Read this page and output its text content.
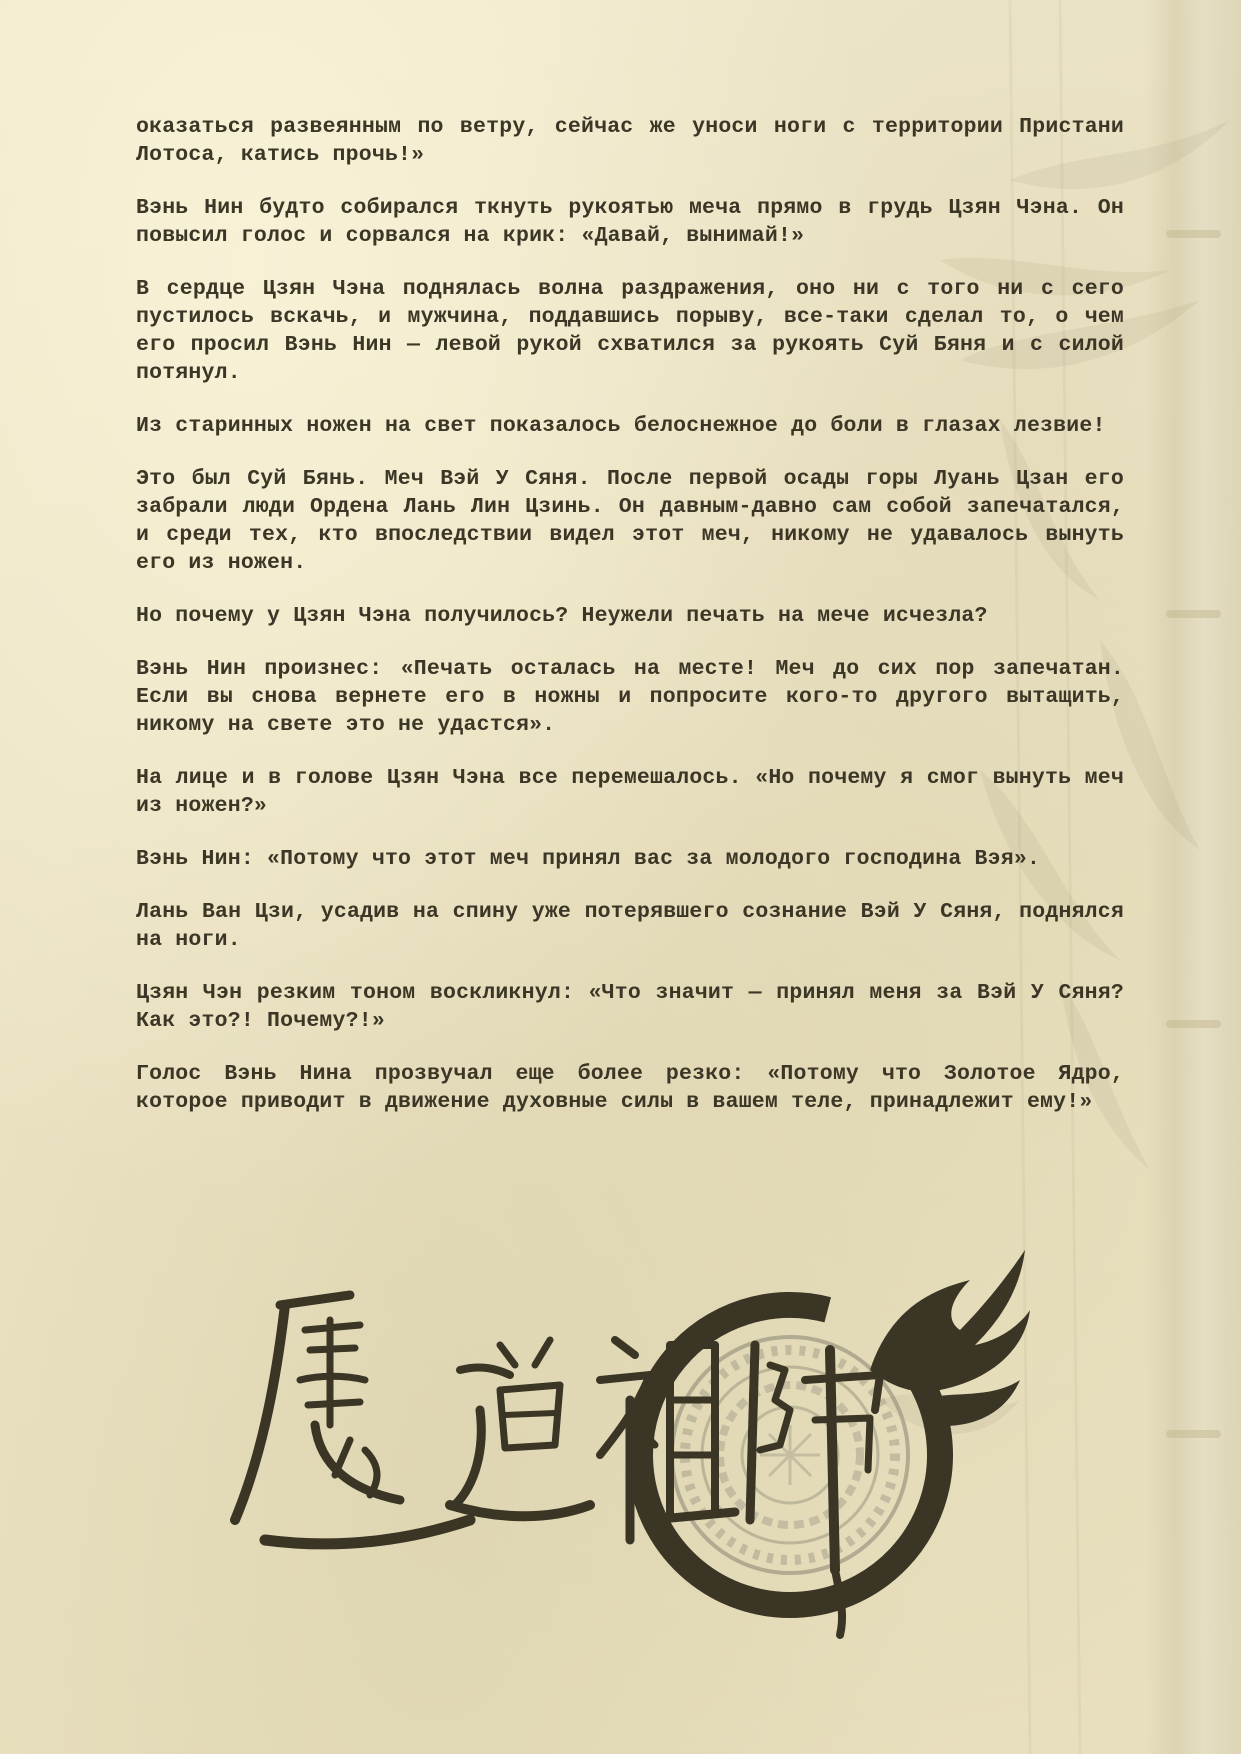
оказаться развеянным по ветру, сейчас же уноси ноги с территории Пристани Лотоса, катись прочь!»

Вэнь Нин будто собирался ткнуть рукоятью меча прямо в грудь Цзян Чэна. Он повысил голос и сорвался на крик: «Давай, вынимай!»

В сердце Цзян Чэна поднялась волна раздражения, оно ни с того ни с сего пустилось вскачь, и мужчина, поддавшись порыву, все-таки сделал то, о чем его просил Вэнь Нин — левой рукой схватился за рукоять Суй Бяня и с силой потянул.

Из старинных ножен на свет показалось белоснежное до боли в глазах лезвие!

Это был Суй Бянь. Меч Вэй У Сяня. После первой осады горы Луань Цзан его забрали люди Ордена Лань Лин Цзинь. Он давным-давно сам собой запечатался, и среди тех, кто впоследствии видел этот меч, никому не удавалось вынуть его из ножен.

Но почему у Цзян Чэна получилось? Неужели печать на мече исчезла?

Вэнь Нин произнес: «Печать осталась на месте! Меч до сих пор запечатан. Если вы снова вернете его в ножны и попросите кого-то другого вытащить, никому на свете это не удастся».

На лице и в голове Цзян Чэна все перемешалось. «Но почему я смог вынуть меч из ножен?»

Вэнь Нин: «Потому что этот меч принял вас за молодого господина Вэя».

Лань Ван Цзи, усадив на спину уже потерявшего сознание Вэй У Сяня, поднялся на ноги.

Цзян Чэн резким тоном воскликнул: «Что значит — принял меня за Вэй У Сяня? Как это?! Почему?!»

Голос Вэнь Нина прозвучал еще более резко: «Потому что Золотое Ядро, которое приводит в движение духовные силы в вашем теле, принадлежит ему!»
